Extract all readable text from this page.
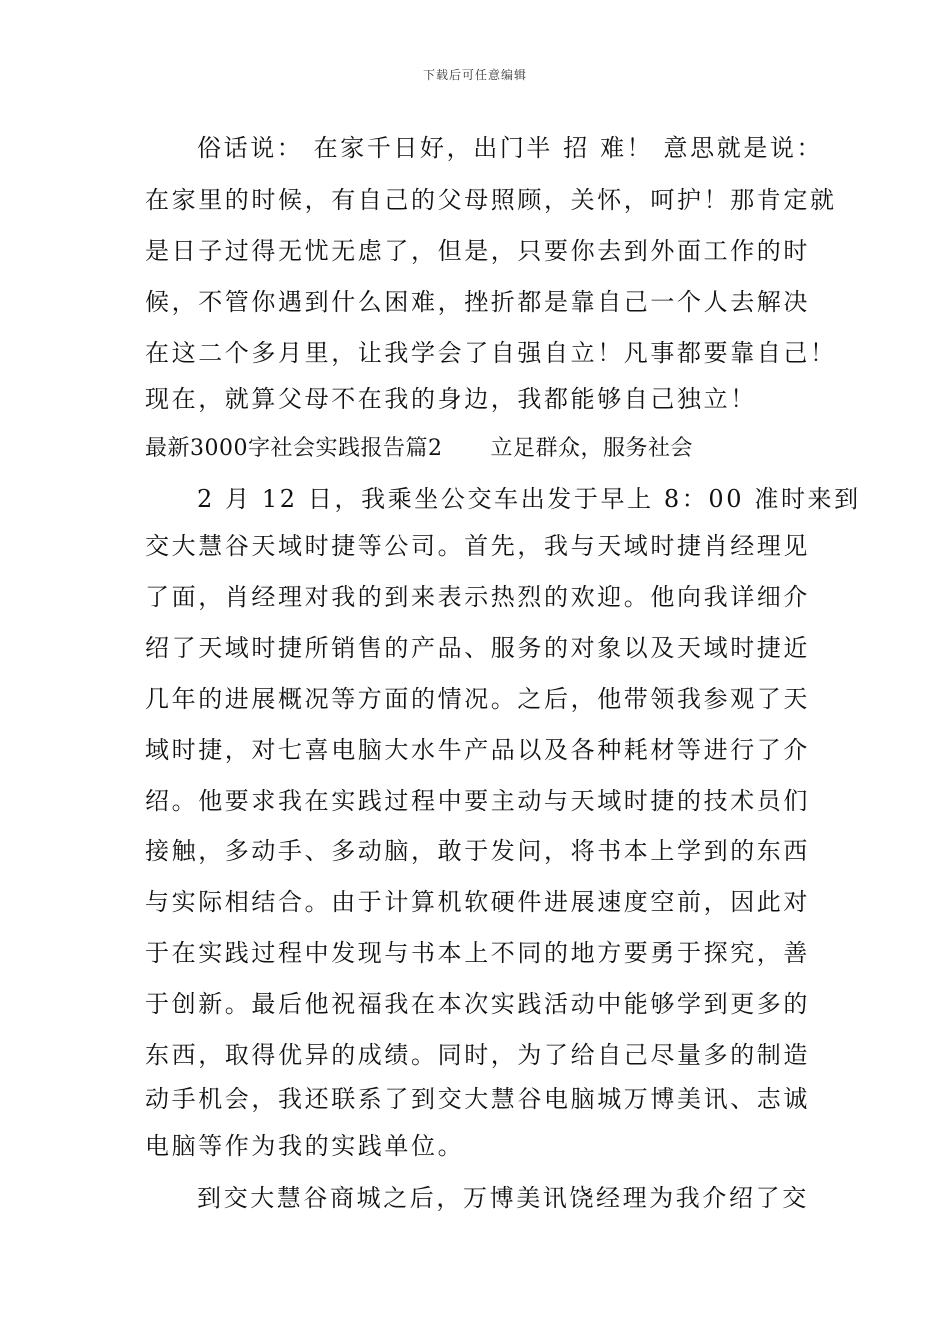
下载后可任意编辑
俗话说： 在家千日好，出门半 招 难！ 意思就是说：
在家里的时候，有自己的父母照顾，关怀，呵护！那肯定就
是日子过得无忧无虑了，但是，只要你去到外面工作的时
候，不管你遇到什么困难，挫折都是靠自己一个人去解决
在这二个多月里，让我学会了自强自立！凡事都要靠自己！
现在，就算父母不在我的身边，我都能够自己独立！
最新3000字社会实践报告篇2 立足群众，服务社会
2 月 12 日，我乘坐公交车出发于早上 8：00 准时来到
交大慧谷天域时捷等公司。首先，我与天域时捷肖经理见
了面，肖经理对我的到来表示热烈的欢迎。他向我详细介
绍了天域时捷所销售的产品、服务的对象以及天域时捷近
几年的进展概况等方面的情况。之后，他带领我参观了天
域时捷，对七喜电脑大水牛产品以及各种耗材等进行了介
绍。他要求我在实践过程中要主动与天域时捷的技术员们
接触，多动手、多动脑，敢于发问，将书本上学到的东西
与实际相结合。由于计算机软硬件进展速度空前，因此对
于在实践过程中发现与书本上不同的地方要勇于探究，善
于创新。最后他祝福我在本次实践活动中能够学到更多的
东西，取得优异的成绩。同时，为了给自己尽量多的制造
动手机会，我还联系了到交大慧谷电脑城万博美讯、志诚
电脑等作为我的实践单位。
到交大慧谷商城之后，万博美讯饶经理为我介绍了交
